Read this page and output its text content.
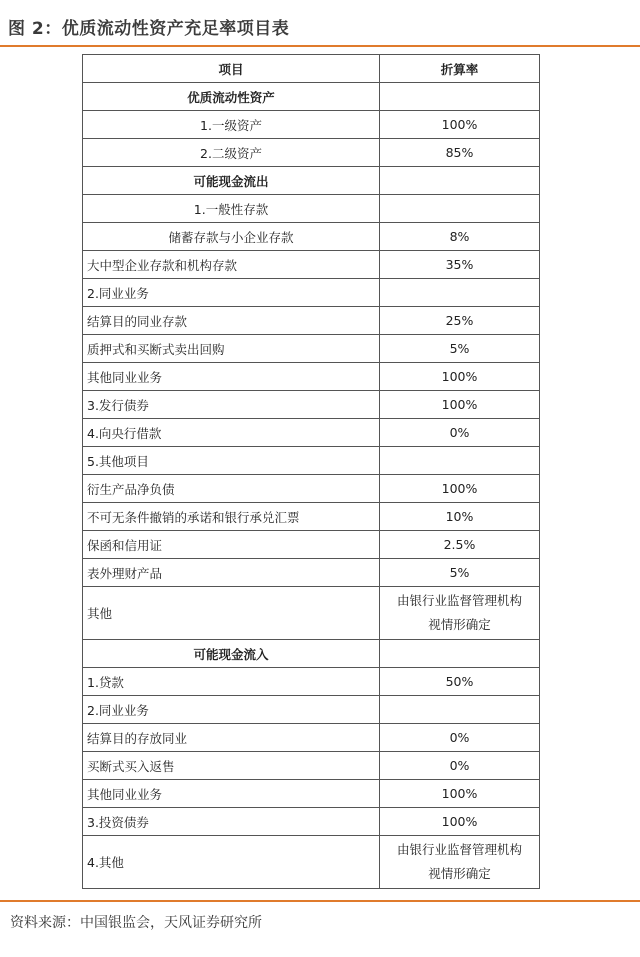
图 2：优质流动性资产充足率项目表
项目	折算率
优质流动性资产	
1.一级资产	100%
2.二级资产	85%
可能现金流出	
1.一般性存款	
储蓄存款与小企业存款	8%
大中型企业存款和机构存款	35%
2.同业业务	
结算目的同业存款	25%
质押式和买断式卖出回购	5%
其他同业业务	100%
3.发行债券	100%
4.向央行借款	0%
5.其他项目	
衍生产品净负债	100%
不可无条件撤销的承诺和银行承兑汇票	10%
保函和信用证	2.5%
表外理财产品	5%
其他	由银行业监督管理机构
视情形确定

可能现金流入	
1.贷款	50%
2.同业业务	
结算目的存放同业	0%
买断式买入返售	0%
其他同业业务	100%
3.投资债券	100%
4.其他	由银行业监督管理机构
视情形确定
资料来源：中国银监会，天风证券研究所
